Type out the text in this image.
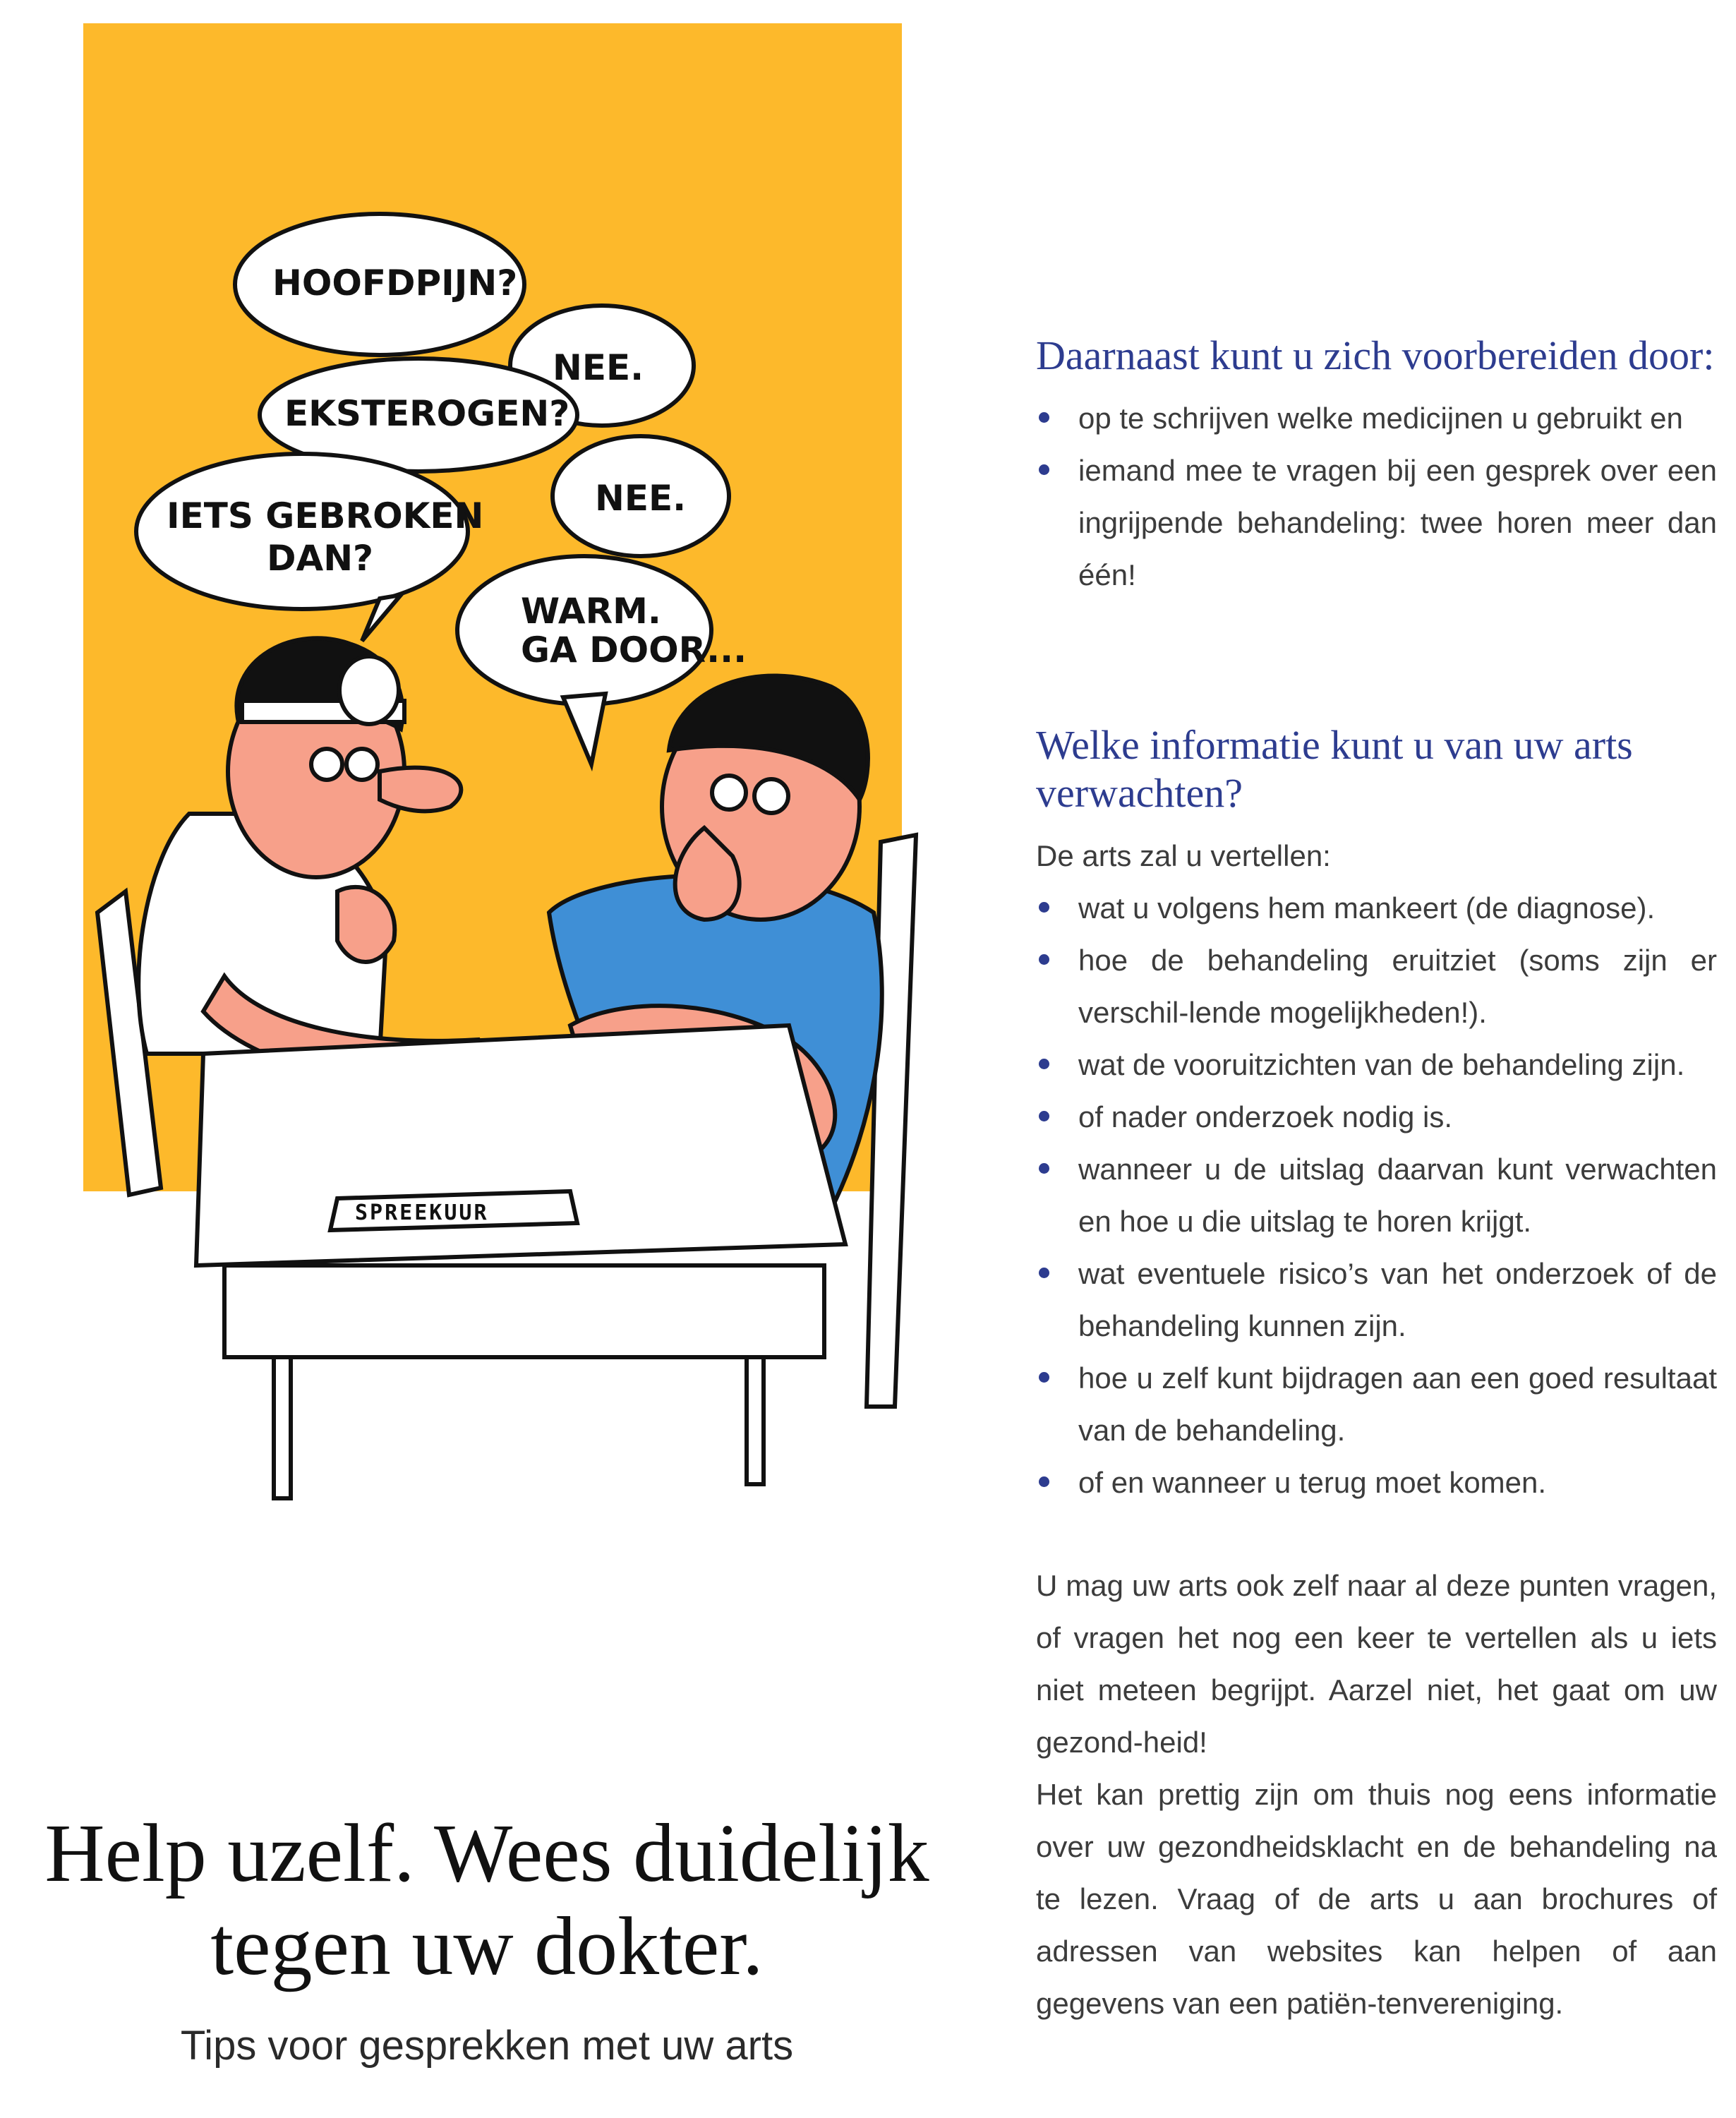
HOOFDPIJN?
NEE.
EKSTEROGEN?
NEE.
IETS GEBROKEN
DAN?
WARM.
GA DOOR...
SPREEKUUR
Help uzelf. Wees duidelijk
tegen uw dokter.
Tips voor gesprekken met uw arts
Daarnaast kunt u zich voorbereiden door:
op te schrijven welke medicijnen u gebruikt en
iemand mee te vragen bij een gesprek over een ingrijpende behandeling: twee horen meer dan één!
Welke informatie kunt u van uw arts verwachten?

De arts zal u vertellen:

wat u volgens hem mankeert (de diagnose).
hoe de behandeling eruitziet (soms zijn er verschil-lende mogelijkheden!).
wat de vooruitzichten van de behandeling zijn.
of nader onderzoek nodig is.
wanneer u de uitslag daarvan kunt verwachten en hoe u die uitslag te horen krijgt.
wat eventuele risico’s van het onderzoek of de behandeling kunnen zijn.
hoe u zelf kunt bijdragen aan een goed resultaat van de behandeling.
of en wanneer u terug moet komen.

U mag uw arts ook zelf naar al deze punten vragen, of vragen het nog een keer te vertellen als u iets niet meteen begrijpt. Aarzel niet, het gaat om uw gezond-heid!

Het kan prettig zijn om thuis nog eens informatie over uw gezondheidsklacht en de behandeling na te lezen. Vraag of de arts u aan brochures of adressen van websites kan helpen of aan gegevens van een patiën-tenvereniging.
